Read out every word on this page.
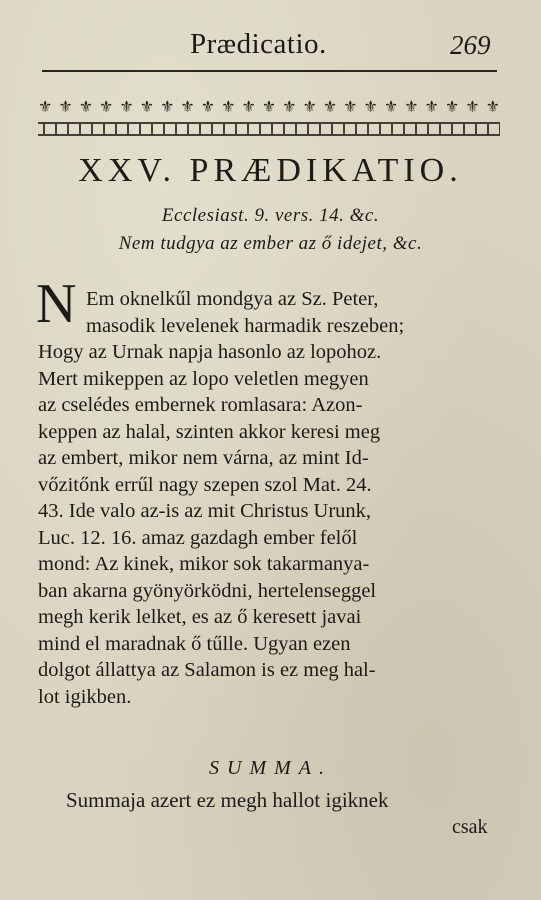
Prædicatio.	269
⚜ ⚜ ⚜ ⚜ ⚜ ⚜ ⚜ ⚜ ⚜ ⚜ ⚜ ⚜ ⚜ ⚜ ⚜ ⚜ ⚜ ⚜ ⚜ ⚜ ⚜ ⚜ ⚜
XXV. PRÆDIKATIO.
Ecclesiast. 9. vers. 14. &c.
Nem tudgya az ember az ő idejet, &c.
N Em oknelkűl mondgya az Sz. Peter,
masodik levelenek harmadik reszeben;
Hogy az Urnak napja hasonlo az lopohoz.
Mert mikeppen az lopo veletlen megyen
az cselédes embernek romlasara: Azon-
keppen az halal, szinten akkor keresi meg
az embert, mikor nem várna, az mint Id-
vőzitőnk errűl nagy szepen szol Mat. 24.
43. Ide valo az-is az mit Christus Urunk,
Luc. 12. 16. amaz gazdagh ember felől
mond: Az kinek, mikor sok takarmanya-
ban akarna gyönyörködni, hertelenseggel
megh kerik lelket, es az ő keresett javai
mind el maradnak ő tűlle. Ugyan ezen
dolgot állattya az Salamon is ez meg hal-
lot igikben.
SUMMA.
Summaja azert ez megh hallot igiknek
csak
